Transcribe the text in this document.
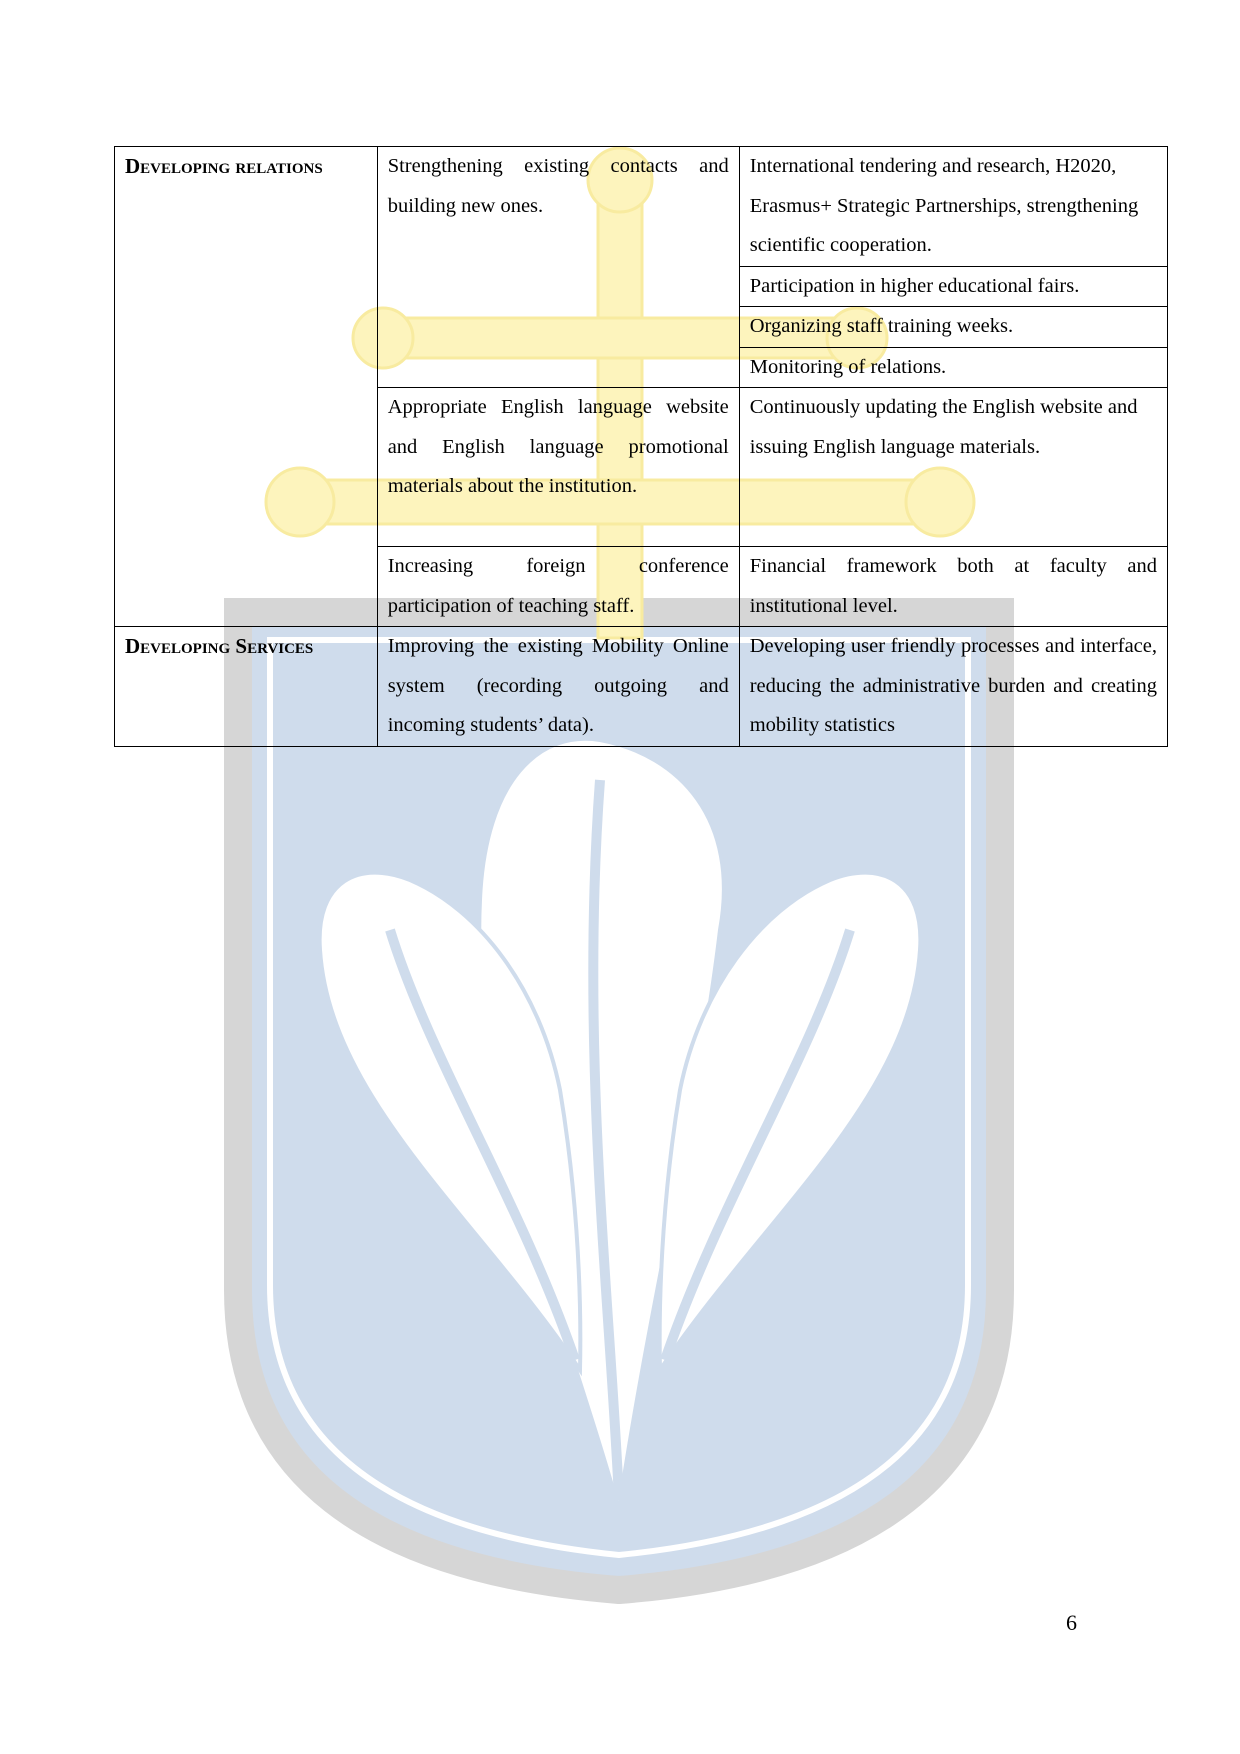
Developing relations	Strengthening existing contacts and building new ones.	International tendering and research, H2020, Erasmus+ Strategic Partnerships, strengthening scientific cooperation.
		Participation in higher educational fairs.
		Organizing staff training weeks.
		Monitoring of relations.
	Appropriate English language website and English language promotional materials about the institution.	Continuously updating the English website and issuing English language materials.
	Increasing foreign conference participation of teaching staff.	Financial framework both at faculty and institutional level.
Developing Services	Improving the existing Mobility Online system (recording outgoing and incoming students’ data).	Developing user friendly processes and interface, reducing the administrative burden and creating mobility statistics
6
